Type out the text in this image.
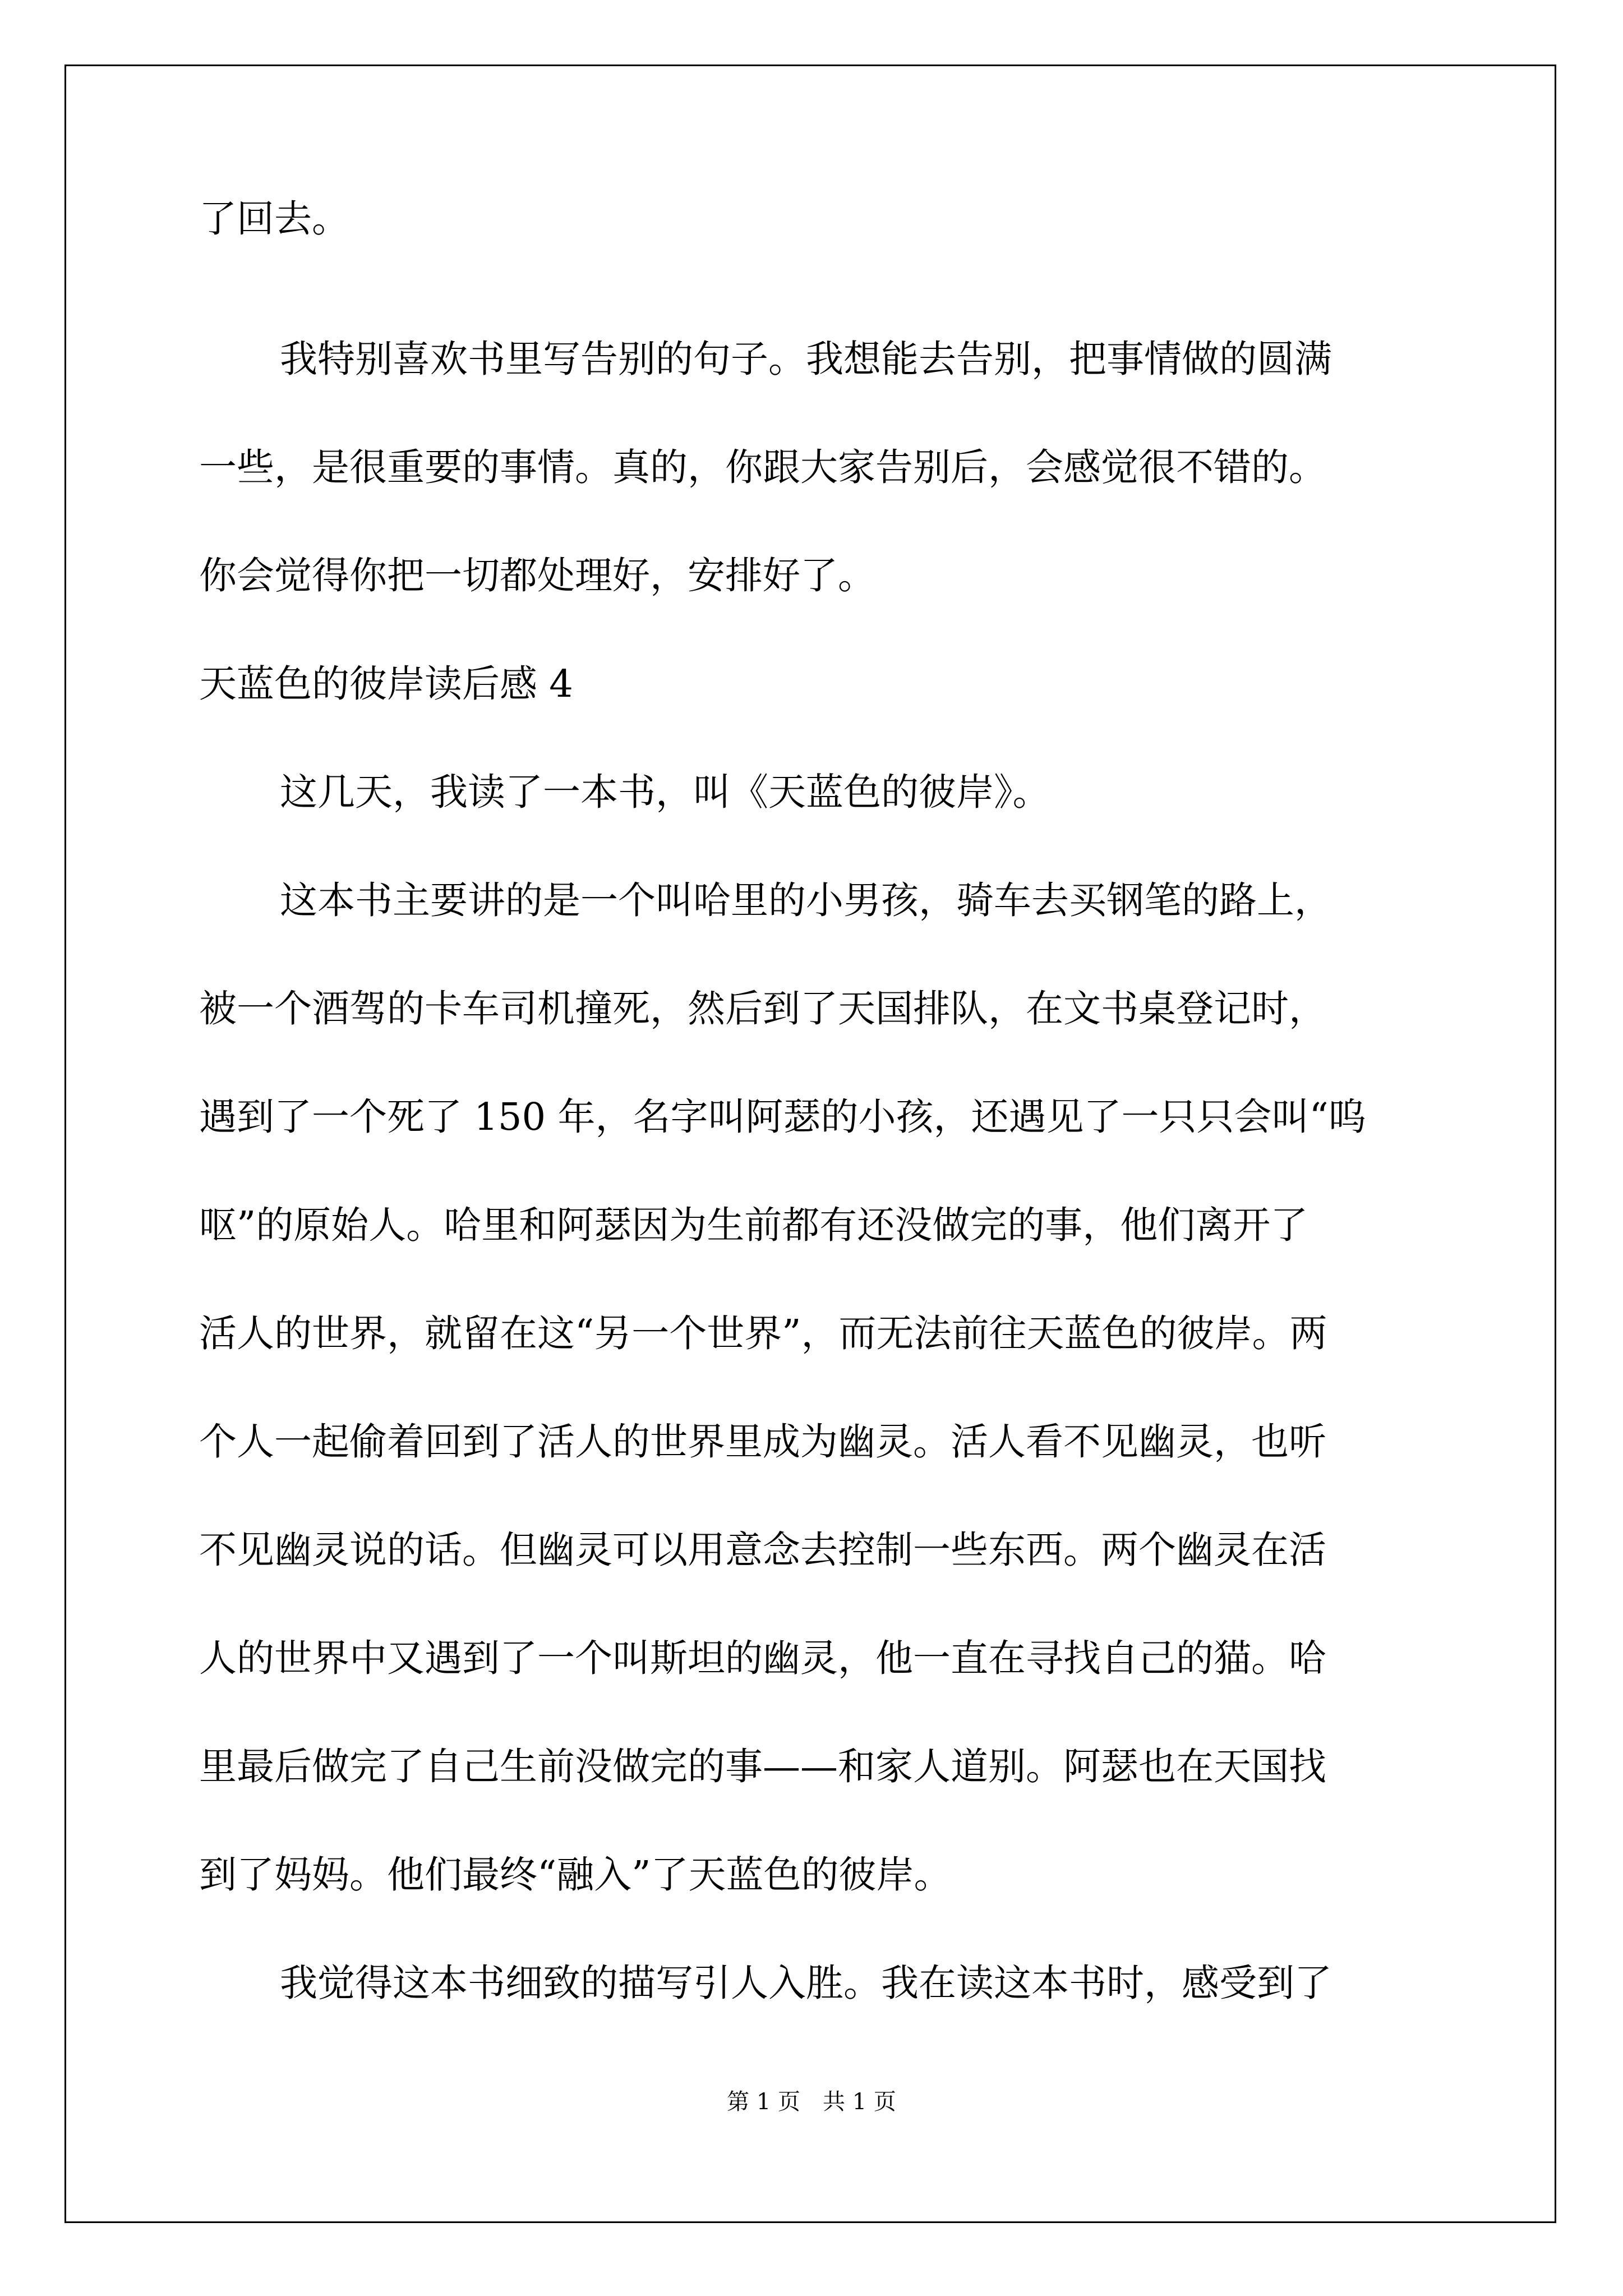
了回去。
我特别喜欢书里写告别的句子。我想能去告别，把事情做的圆满
一些，是很重要的事情。真的，你跟大家告别后，会感觉很不错的。
你会觉得你把一切都处理好，安排好了。
天蓝色的彼岸读后感 4
这几天，我读了一本书，叫《天蓝色的彼岸》。
这本书主要讲的是一个叫哈里的小男孩，骑车去买钢笔的路上，
被一个酒驾的卡车司机撞死，然后到了天国排队，在文书桌登记时，
遇到了一个死了 150 年，名字叫阿瑟的小孩，还遇见了一只只会叫“呜
呕”的原始人。哈里和阿瑟因为生前都有还没做完的事，他们离开了
活人的世界，就留在这“另一个世界”，而无法前往天蓝色的彼岸。两
个人一起偷着回到了活人的世界里成为幽灵。活人看不见幽灵，也听
不见幽灵说的话。但幽灵可以用意念去控制一些东西。两个幽灵在活
人的世界中又遇到了一个叫斯坦的幽灵，他一直在寻找自己的猫。哈
里最后做完了自己生前没做完的事——和家人道别。阿瑟也在天国找
到了妈妈。他们最终“融入”了天蓝色的彼岸。
我觉得这本书细致的描写引人入胜。我在读这本书时，感受到了
第 1 页　共 1 页
